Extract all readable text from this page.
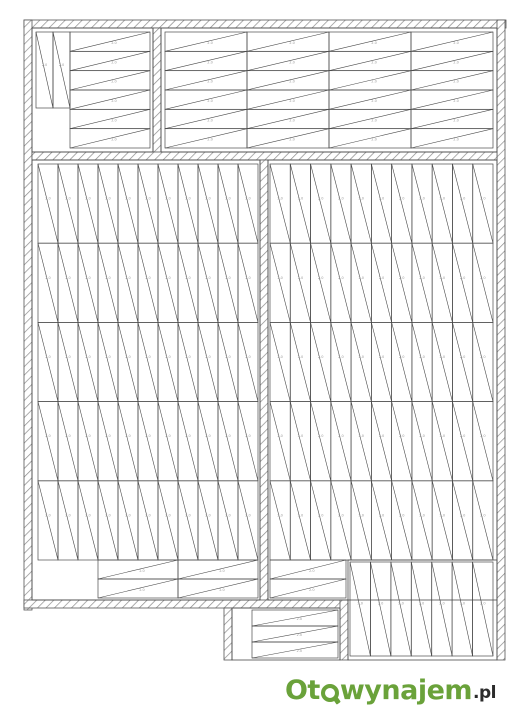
2.0	2.0
2.0
2.0
2.0
2.0
2.0
2.0
2.0	2.0	2.0	2.0
2.0	2.0	2.0	2.0
2.0	2.0	2.0	2.0
2.0	2.0	2.0	2.0
2.0	2.0	2.0	2.0
2.0	2.0	2.0	2.0
2.0	2.0	2.0	2.0	2.0	2.0	2.0	2.0	2.0	2.0	2.0
2.0	2.0	2.0	2.0	2.0	2.0	2.0	2.0	2.0	2.0	2.0
2.0	2.0	2.0	2.0	2.0	2.0	2.0	2.0	2.0	2.0	2.0
2.0	2.0	2.0	2.0	2.0	2.0	2.0	2.0	2.0	2.0	2.0
2.0	2.0	2.0	2.0	2.0	2.0	2.0	2.0	2.0	2.0	2.0
2.0	2.0	2.0	2.0	2.0	2.0	2.0	2.0	2.0	2.0	2.0
2.0	2.0	2.0	2.0	2.0	2.0	2.0	2.0	2.0	2.0	2.0
2.0	2.0	2.0	2.0	2.0	2.0	2.0	2.0	2.0	2.0	2.0
2.0	2.0	2.0	2.0	2.0	2.0	2.0	2.0	2.0	2.0	2.0
2.0	2.0	2.0	2.0	2.0	2.0	2.0	2.0	2.0	2.0	2.0
2.0	2.0
2.0	2.0
2.0
2.0
2.0	2.0	2.0	2.0	2.0	2.0	2.0
2.0
2.0
2.0
Ot wynajem .pl
